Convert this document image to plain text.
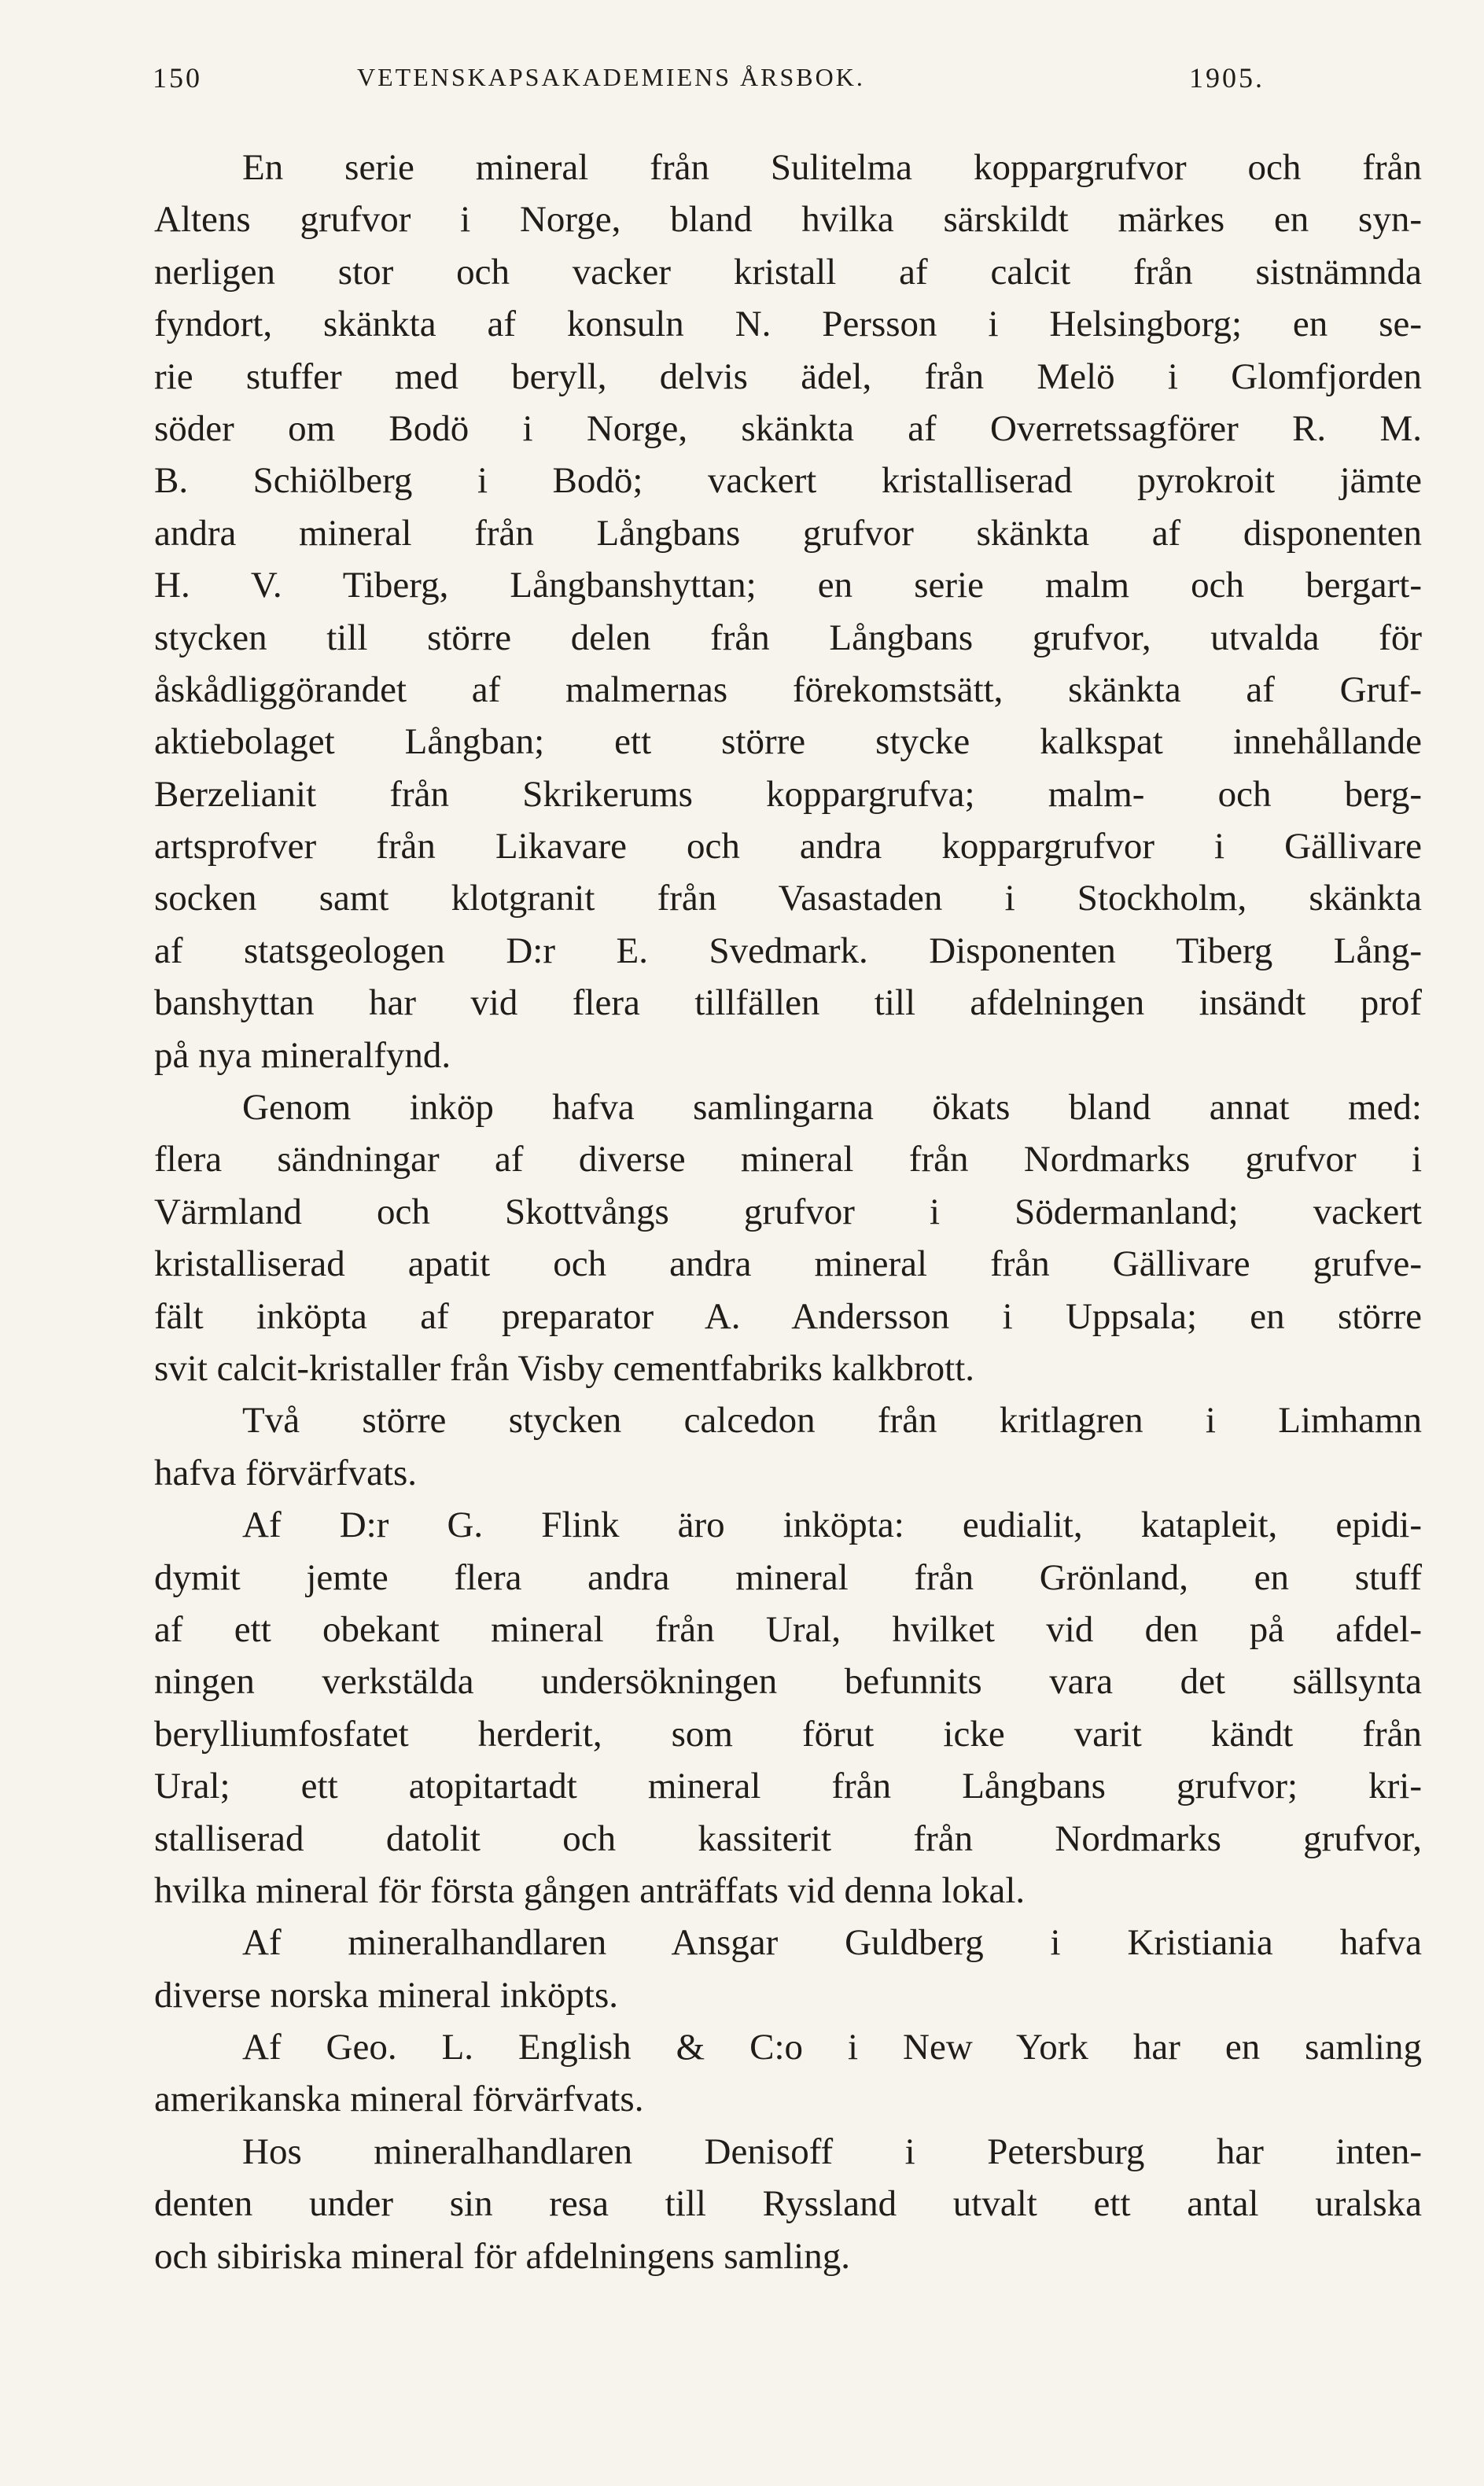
150	VETENSKAPSAKADEMIENS ÅRSBOK.	1905.
En serie mineral från Sulitelma koppargrufvor och från
Altens grufvor i Norge, bland hvilka särskildt märkes en syn-
nerligen stor och vacker kristall af calcit från sistnämnda
fyndort, skänkta af konsuln N. Persson i Helsingborg; en se-
rie stuffer med beryll, delvis ädel, från Melö i Glomfjorden
söder om Bodö i Norge, skänkta af Overretssagförer R. M.
B. Schiölberg i Bodö; vackert kristalliserad pyrokroit jämte
andra mineral från Långbans grufvor skänkta af disponenten
H. V. Tiberg, Långbanshyttan; en serie malm och bergart-
stycken till större delen från Långbans grufvor, utvalda för
åskådliggörandet af malmernas förekomstsätt, skänkta af Gruf-
aktiebolaget Långban; ett större stycke kalkspat innehållande
Berzelianit från Skrikerums koppargrufva; malm- och berg-
artsprofver från Likavare och andra koppargrufvor i Gällivare
socken samt klotgranit från Vasastaden i Stockholm, skänkta
af statsgeologen D:r E. Svedmark. Disponenten Tiberg Lång-
banshyttan har vid flera tillfällen till afdelningen insändt prof
på nya mineralfynd.
Genom inköp hafva samlingarna ökats bland annat med:
flera sändningar af diverse mineral från Nordmarks grufvor i
Värmland och Skottvångs grufvor i Södermanland; vackert
kristalliserad apatit och andra mineral från Gällivare grufve-
fält inköpta af preparator A. Andersson i Uppsala; en större
svit calcit-kristaller från Visby cementfabriks kalkbrott.
Två större stycken calcedon från kritlagren i Limhamn
hafva förvärfvats.
Af D:r G. Flink äro inköpta: eudialit, katapleit, epidi-
dymit jemte flera andra mineral från Grönland, en stuff
af ett obekant mineral från Ural, hvilket vid den på afdel-
ningen verkstälda undersökningen befunnits vara det sällsynta
berylliumfosfatet herderit, som förut icke varit kändt från
Ural; ett atopitartadt mineral från Långbans grufvor; kri-
stalliserad datolit och kassiterit från Nordmarks grufvor,
hvilka mineral för första gången anträffats vid denna lokal.
Af mineralhandlaren Ansgar Guldberg i Kristiania hafva
diverse norska mineral inköpts.
Af Geo. L. English & C:o i New York har en samling
amerikanska mineral förvärfvats.
Hos mineralhandlaren Denisoff i Petersburg har inten-
denten under sin resa till Ryssland utvalt ett antal uralska
och sibiriska mineral för afdelningens samling.
